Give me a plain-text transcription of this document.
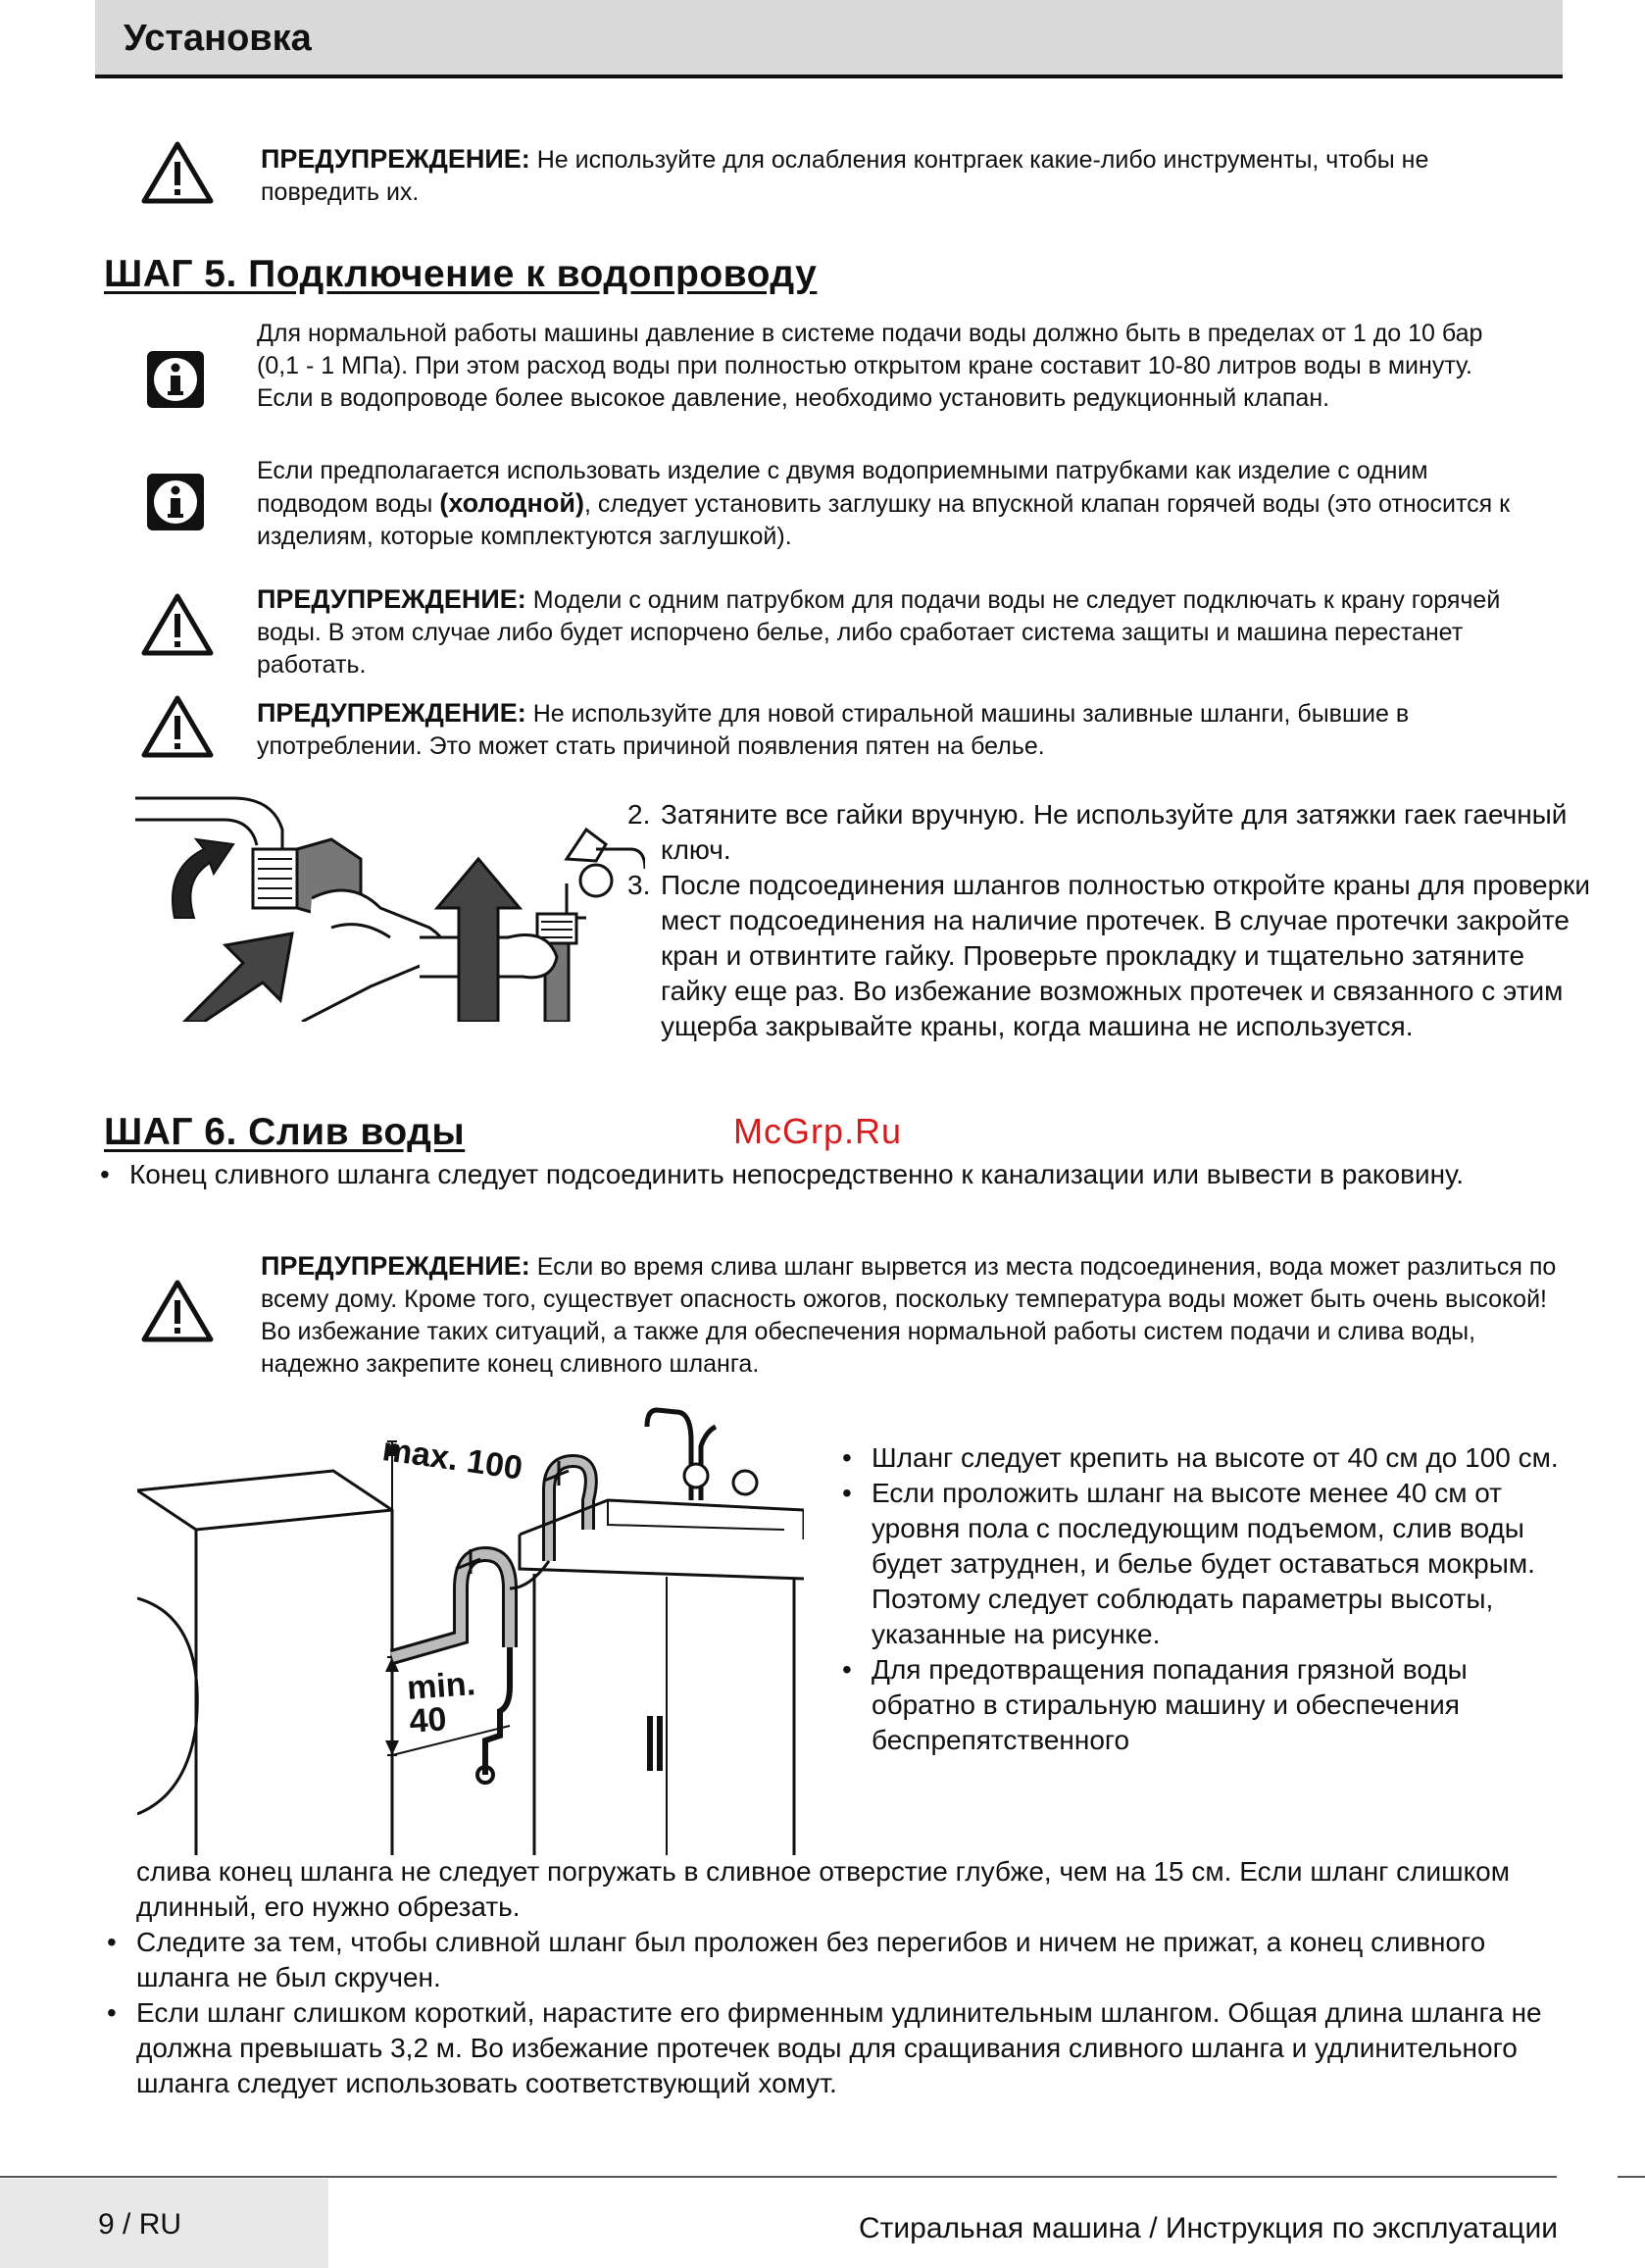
Установка
ПРЕДУПРЕЖДЕНИЕ: Не используйте для ослабления контргаек какие-либо инструменты, чтобы не повредить их.
ШАГ 5. Подключение к водопроводу
Для нормальной работы машины давление в системе подачи воды должно быть в пределах от 1 до 10 бар (0,1 - 1 МПа). При этом расход воды при полностью открытом кране составит 10-80 литров воды в минуту. Если в водопроводе более высокое давление, необходимо установить редукционный клапан.
Если предполагается использовать изделие с двумя водоприемными патрубками как изделие с одним подводом воды (холодной), следует установить заглушку на впускной клапан горячей воды (это относится к изделиям, которые комплектуются заглушкой).
ПРЕДУПРЕЖДЕНИЕ: Модели с одним патрубком для подачи воды не следует подключать к крану горячей воды. В этом случае либо будет испорчено белье, либо сработает система защиты и машина перестанет работать.
ПРЕДУПРЕЖДЕНИЕ: Не используйте для новой стиральной машины заливные шланги, бывшие в употреблении. Это может стать причиной появления пятен на белье.
2. Затяните все гайки вручную. Не используйте для затяжки гаек гаечный ключ.
3. После подсоединения шлангов полностью откройте краны для проверки мест подсоединения на наличие протечек. В случае протечки закройте кран и отвинтите гайку. Проверьте прокладку и тщательно затяните гайку еще раз. Во избежание возможных протечек и связанного с этим ущерба закрывайте краны, когда машина не используется.
ШАГ 6. Слив воды	McGrp.Ru
• Конец сливного шланга следует подсоединить непосредственно к канализации или вывести в раковину.
ПРЕДУПРЕЖДЕНИЕ: Если во время слива шланг вырвется из места подсоединения, вода может разлиться по всему дому. Кроме того, существует опасность ожогов, поскольку температура воды может быть очень высокой! Во избежание таких ситуаций, а также для обеспечения нормальной работы систем подачи и слива воды, надежно закрепите конец сливного шланга.
max. 100
min.
40
• Шланг следует крепить на высоте от 40 см до 100 см.
• Если проложить шланг на высоте менее 40 см от уровня пола с последующим подъемом, слив воды будет затруднен, и белье будет оставаться мокрым. Поэтому следует соблюдать параметры высоты, указанные на рисунке.
• Для предотвращения попадания грязной воды обратно в стиральную машину и обеспечения беспрепятственного
слива конец шланга не следует погружать в сливное отверстие глубже, чем на 15 см. Если шланг слишком длинный, его нужно обрезать.
• Следите за тем, чтобы сливной шланг был проложен без перегибов и ничем не прижат, а конец сливного шланга не был скручен.
• Если шланг слишком короткий, нарастите его фирменным удлинительным шлангом. Общая длина шланга не должна превышать 3,2 м. Во избежание протечек воды для сращивания сливного шланга и удлинительного шланга следует использовать соответствующий хомут.
9 / RU	Стиральная машина / Инструкция по эксплуатации
